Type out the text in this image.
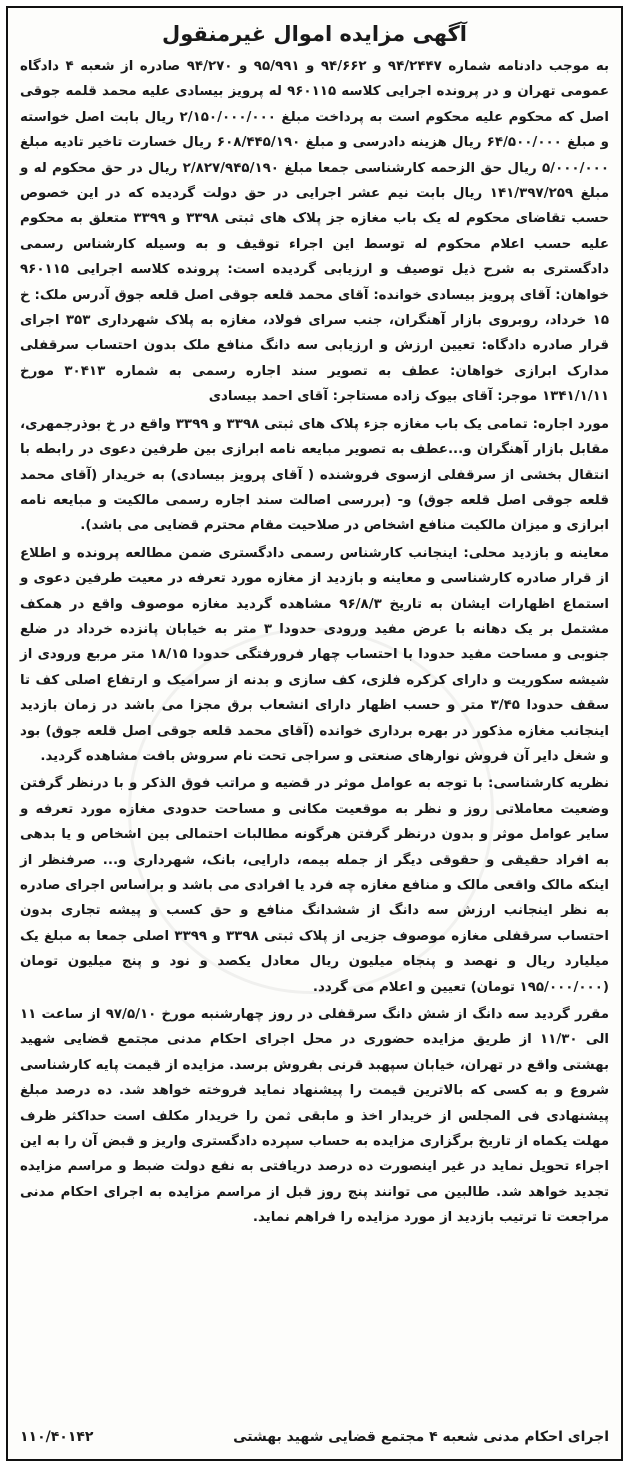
آگهی مزایده اموال غیرمنقول

به موجب دادنامه شماره ۹۴/۲۴۴۷ و ۹۴/۶۶۲ و ۹۵/۹۹۱ و ۹۴/۲۷۰ صادره از شعبه ۴ دادگاه عمومی تهران و در پرونده اجرایی کلاسه ۹۶۰۱۱۵ له پرویز بیسادی علیه محمد قلمه جوقی اصل که محکوم علیه محکوم است به پرداخت مبلغ ۲/۱۵۰/۰۰۰/۰۰۰ ریال بابت اصل خواسته و مبلغ ۶۴/۵۰۰/۰۰۰ ریال هزینه دادرسی و مبلغ ۶۰۸/۴۴۵/۱۹۰ ریال خسارت تاخیر تادیه مبلغ ۵/۰۰۰/۰۰۰ ریال حق الزحمه کارشناسی جمعا مبلغ ۲/۸۲۷/۹۴۵/۱۹۰ ریال در حق محکوم له و مبلغ ۱۴۱/۳۹۷/۲۵۹ ریال بابت نیم عشر اجرایی در حق دولت گردیده که در این خصوص حسب تقاضای محکوم له یک باب مغازه جز پلاک های ثبتی ۳۳۹۸ و ۳۳۹۹ متعلق به محکوم علیه حسب اعلام محکوم له توسط این اجراء توقیف و به وسیله کارشناس رسمی دادگستری به شرح ذیل توصیف و ارزیابی گردیده است: پرونده کلاسه اجرایی ۹۶۰۱۱۵ خواهان: آقای پرویز بیسادی خوانده: آقای محمد قلعه جوقی اصل قلعه جوق آدرس ملک: خ ۱۵ خرداد، روبروی بازار آهنگران، جنب سرای فولاد، مغازه به پلاک شهرداری ۳۵۳ اجرای قرار صادره دادگاه: تعیین ارزش و ارزیابی سه دانگ منافع ملک بدون احتساب سرقفلی مدارک ابرازی خواهان: عطف به تصویر سند اجاره رسمی به شماره ۳۰۴۱۳ مورخ ۱۳۴۱/۱/۱۱ موجر: آقای بیوک زاده مستاجر: آقای احمد بیسادی

مورد اجاره: تمامی یک باب مغازه جزء پلاک های ثبتی ۳۳۹۸ و ۳۳۹۹ واقع در خ بوذرجمهری، مقابل بازار آهنگران و...عطف به تصویر مبایعه نامه ابرازی بین طرفین دعوی در رابطه با انتقال بخشی از سرقفلی ازسوی فروشنده ( آقای پرویز بیسادی) به خریدار (آقای محمد قلعه جوقی اصل قلعه جوق) و- (بررسی اصالت سند اجاره رسمی مالکیت و مبایعه نامه ابرازی و میزان مالکیت منافع اشخاص در صلاحیت مقام محترم قضایی می باشد).

معاینه و بازدید محلی: اینجانب کارشناس رسمی دادگستری ضمن مطالعه پرونده و اطلاع از قرار صادره کارشناسی و معاینه و بازدید از مغازه مورد تعرفه در معیت طرفین دعوی و استماع اظهارات ایشان به تاریخ ۹۶/۸/۳ مشاهده گردید مغازه موصوف واقع در همکف مشتمل بر یک دهانه با عرض مفید ورودی حدودا ۳ متر به خیابان پانزده خرداد در ضلع جنوبی و مساحت مفید حدودا با احتساب چهار فرورفتگی حدودا ۱۸/۱۵ متر مربع ورودی از شیشه سکوریت و دارای کرکره فلزی، کف سازی و بدنه از سرامیک و ارتفاع اصلی کف تا سقف حدودا ۳/۴۵ متر و حسب اظهار دارای انشعاب برق مجزا می باشد در زمان بازدید اینجانب مغازه مذکور در بهره برداری خوانده (آقای محمد قلعه جوقی اصل قلعه جوق) بود و شغل دایر آن فروش نوارهای صنعتی و سراجی تحت نام سروش بافت مشاهده گردید.

نظریه کارشناسی: با توجه به عوامل موثر در قضیه و مراتب فوق الذکر و با درنظر گرفتن وضعیت معاملاتی روز و نظر به موقعیت مکانی و مساحت حدودی مغازه مورد تعرفه و سایر عوامل موثر و بدون درنظر گرفتن هرگونه مطالبات احتمالی بین اشخاص و یا بدهی به افراد حقیقی و حقوقی دیگر از جمله بیمه، دارایی، بانک، شهرداری و... صرفنظر از اینکه مالک واقعی مالک و منافع مغازه چه فرد یا افرادی می باشد و براساس اجرای صادره به نظر اینجانب ارزش سه دانگ از ششدانگ منافع و حق کسب و پیشه تجاری بدون احتساب سرقفلی مغازه موصوف جزیی از پلاک ثبتی ۳۳۹۸ و ۳۳۹۹ اصلی جمعا به مبلغ یک میلیارد ریال و نهصد و پنجاه میلیون ریال معادل یکصد و نود و پنج میلیون تومان (۱۹۵/۰۰۰/۰۰۰ تومان) تعیین و اعلام می گردد.

مقرر گردید سه دانگ از شش دانگ سرقفلی در روز چهارشنبه مورخ ۹۷/۵/۱۰ از ساعت ۱۱ الی ۱۱/۳۰ از طریق مزایده حضوری در محل اجرای احکام مدنی مجتمع قضایی شهید بهشتی واقع در تهران، خیابان سپهبد قرنی بفروش برسد. مزایده از قیمت پایه کارشناسی شروع و به کسی که بالاترین قیمت را پیشنهاد نماید فروخته خواهد شد. ده درصد مبلغ پیشنهادی فی المجلس از خریدار اخذ و مابقی ثمن را خریدار مکلف است حداکثر ظرف مهلت یکماه از تاریخ برگزاری مزایده به حساب سپرده دادگستری واریز و قبض آن را به این اجراء تحویل نماید در غیر اینصورت ده درصد دریافتی به نفع دولت ضبط و مراسم مزایده تجدید خواهد شد. طالبین می توانند پنج روز قبل از مراسم مزایده به اجرای احکام مدنی مراجعت تا ترتیب بازدید از مورد مزایده را فراهم نماید.

اجرای احکام مدنی شعبه ۴ مجتمع قضایی شهید بهشتی
۱۱۰/۴۰۱۴۲
